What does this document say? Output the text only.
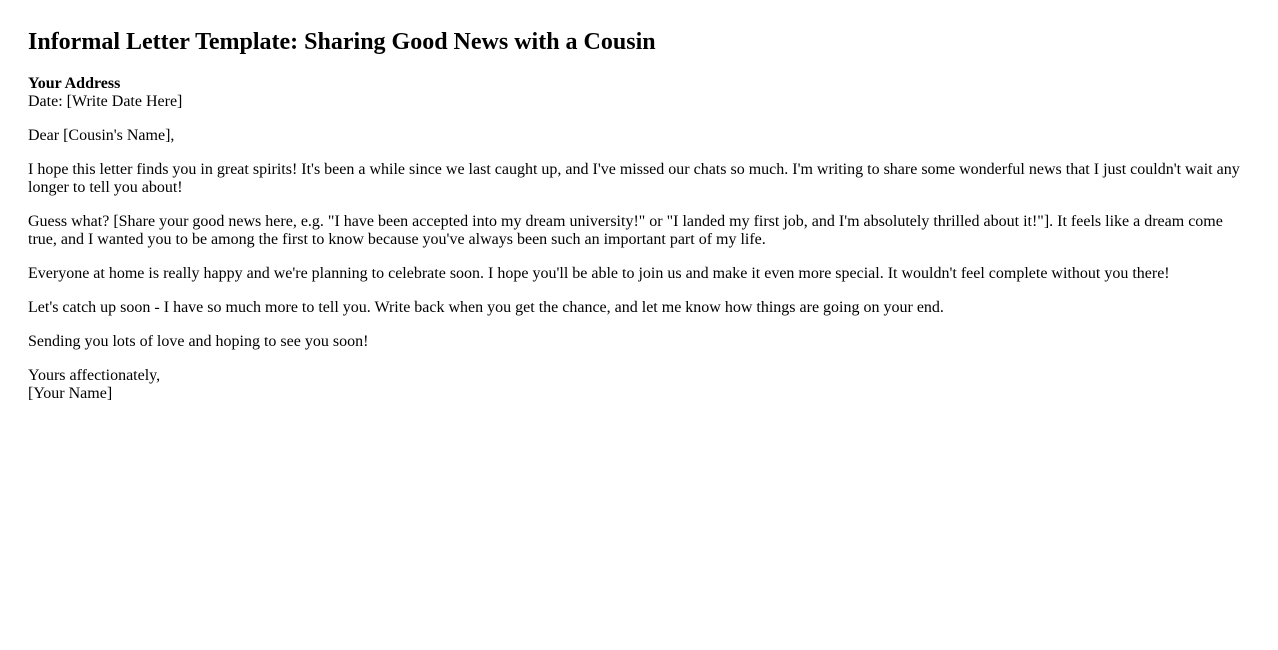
Informal Letter Template: Sharing Good News with a Cousin
Your Address
Date: [Write Date Here]
Dear [Cousin's Name],
I hope this letter finds you in great spirits! It's been a while since we last caught up, and I've missed our chats so much. I'm writing to share some wonderful news that I just couldn't wait any longer to tell you about!
Guess what? [Share your good news here, e.g. "I have been accepted into my dream university!" or "I landed my first job, and I'm absolutely thrilled about it!"]. It feels like a dream come true, and I wanted you to be among the first to know because you've always been such an important part of my life.
Everyone at home is really happy and we're planning to celebrate soon. I hope you'll be able to join us and make it even more special. It wouldn't feel complete without you there!
Let's catch up soon - I have so much more to tell you. Write back when you get the chance, and let me know how things are going on your end.
Sending you lots of love and hoping to see you soon!
Yours affectionately,
[Your Name]
